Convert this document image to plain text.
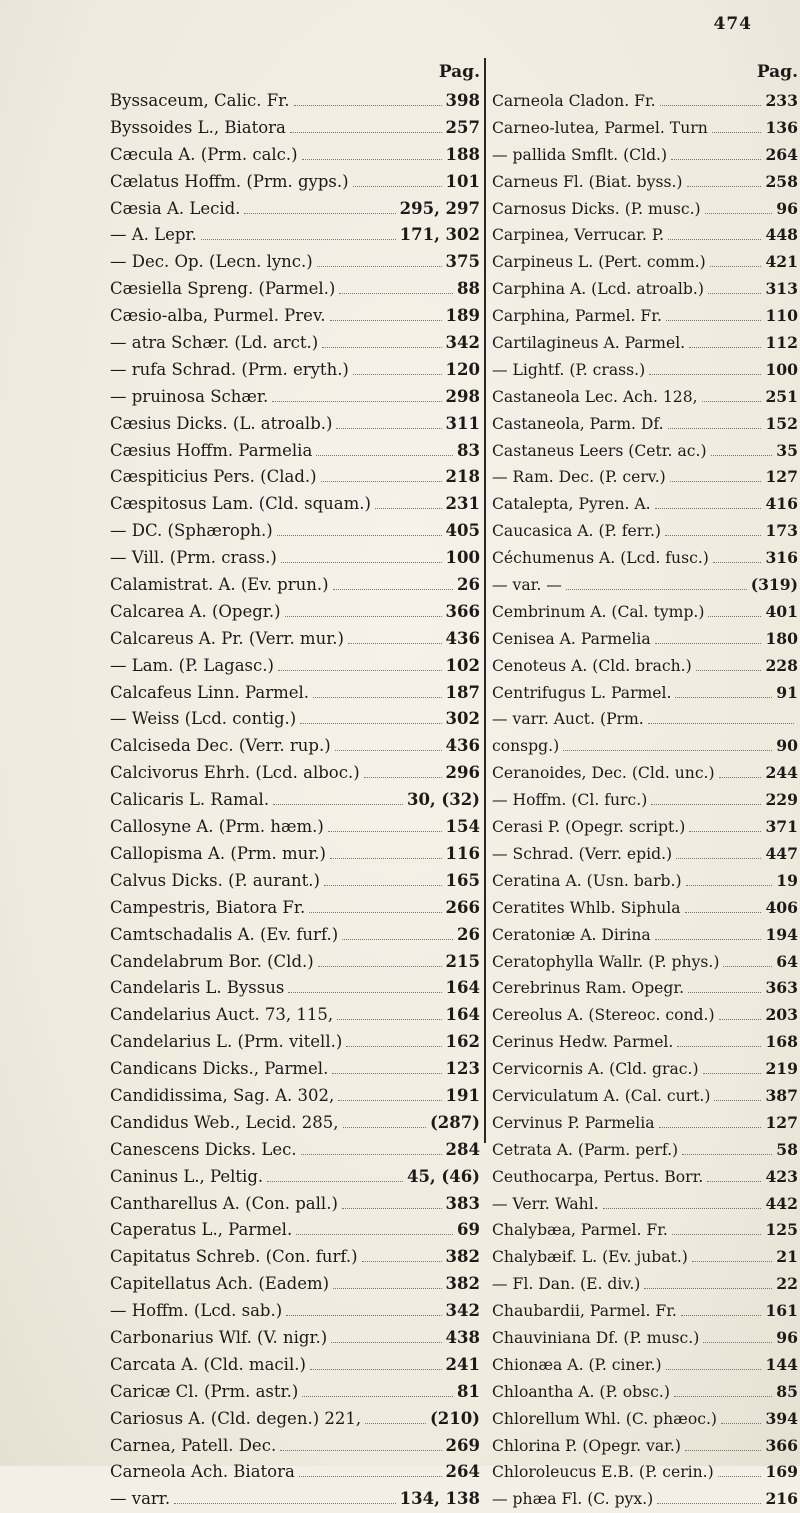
474
Pag.
Byssaceum, Calic. Fr.	398
Byssoides L., Biatora	257
Cæcula A. (Prm. calc.)	188
Cælatus Hoffm. (Prm. gyps.)	101
Cæsia A. Lecid.	295, 297
— A. Lepr.	171, 302
— Dec. Op. (Lecn. lync.)	375
Cæsiella Spreng. (Parmel.)	88
Cæsio-alba, Purmel. Prev.	189
— atra Schær. (Ld. arct.)	342
— rufa Schrad. (Prm. eryth.)	120
— pruinosa Schær.	298
Cæsius Dicks. (L. atroalb.)	311
Cæsius Hoffm. Parmelia	83
Cæspiticius Pers. (Clad.)	218
Cæspitosus Lam. (Cld. squam.)	231
— DC. (Sphæroph.)	405
— Vill. (Prm. crass.)	100
Calamistrat. A. (Ev. prun.)	26
Calcarea A. (Opegr.)	366
Calcareus A. Pr. (Verr. mur.)	436
— Lam. (P. Lagasc.)	102
Calcafeus Linn. Parmel.	187
— Weiss (Lcd. contig.)	302
Calciseda Dec. (Verr. rup.)	436
Calcivorus Ehrh. (Lcd. alboc.)	296
Calicaris L. Ramal.	30, (32)
Callosyne A. (Prm. hæm.)	154
Callopisma A. (Prm. mur.)	116
Calvus Dicks. (P. aurant.)	165
Campestris, Biatora Fr.	266
Camtschadalis A. (Ev. furf.)	26
Candelabrum Bor. (Cld.)	215
Candelaris L. Byssus	164
Candelarius Auct. 73, 115,	164
Candelarius L. (Prm. vitell.)	162
Candicans Dicks., Parmel.	123
Candidissima, Sag. A. 302,	191
Candidus Web., Lecid. 285,	(287)
Canescens Dicks. Lec.	284
Caninus L., Peltig.	45, (46)
Cantharellus A. (Con. pall.)	383
Caperatus L., Parmel.	69
Capitatus Schreb. (Con. furf.)	382
Capitellatus Ach. (Eadem)	382
— Hoffm. (Lcd. sab.)	342
Carbonarius Wlf. (V. nigr.)	438
Carcata A. (Cld. macil.)	241
Caricæ Cl. (Prm. astr.)	81
Cariosus A. (Cld. degen.) 221,	(210)
Carnea, Patell. Dec.	269
Carneola Ach. Biatora	264
— varr.	134, 138
Pag.
Carneola Cladon. Fr.	233
Carneo-lutea, Parmel. Turn	136
— pallida Smflt. (Cld.)	264
Carneus Fl. (Biat. byss.)	258
Carnosus Dicks. (P. musc.)	96
Carpinea, Verrucar. P.	448
Carpineus L. (Pert. comm.)	421
Carphina A. (Lcd. atroalb.)	313
Carphina, Parmel. Fr.	110
Cartilagineus A. Parmel.	112
— Lightf. (P. crass.)	100
Castaneola Lec. Ach. 128,	251
Castaneola, Parm. Df.	152
Castaneus Leers (Cetr. ac.)	35
— Ram. Dec. (P. cerv.)	127
Catalepta, Pyren. A.	416
Caucasica A. (P. ferr.)	173
Céchumenus A. (Lcd. fusc.)	316
— var. —	(319)
Cembrinum A. (Cal. tymp.)	401
Cenisea A. Parmelia	180
Cenoteus A. (Cld. brach.)	228
Centrifugus L. Parmel.	91
— varr. Auct. (Prm.
conspg.)	90
Ceranoides, Dec. (Cld. unc.)	244
— Hoffm. (Cl. furc.)	229
Cerasi P. (Opegr. script.)	371
— Schrad. (Verr. epid.)	447
Ceratina A. (Usn. barb.)	19
Ceratites Whlb. Siphula	406
Ceratoniæ A. Dirina	194
Ceratophylla Wallr. (P. phys.)	64
Cerebrinus Ram. Opegr.	363
Cereolus A. (Stereoc. cond.)	203
Cerinus Hedw. Parmel.	168
Cervicornis A. (Cld. grac.)	219
Cerviculatum A. (Cal. curt.)	387
Cervinus P. Parmelia	127
Cetrata A. (Parm. perf.)	58
Ceuthocarpa, Pertus. Borr.	423
— Verr. Wahl.	442
Chalybæa, Parmel. Fr.	125
Chalybæif. L. (Ev. jubat.)	21
— Fl. Dan. (E. div.)	22
Chaubardii, Parmel. Fr.	161
Chauviniana Df. (P. musc.)	96
Chionæa A. (P. ciner.)	144
Chloantha A. (P. obsc.)	85
Chlorellum Whl. (C. phæoc.)	394
Chlorina P. (Opegr. var.)	366
Chloroleucus E.B. (P. cerin.)	169
— phæa Fl. (C. pyx.)	216
